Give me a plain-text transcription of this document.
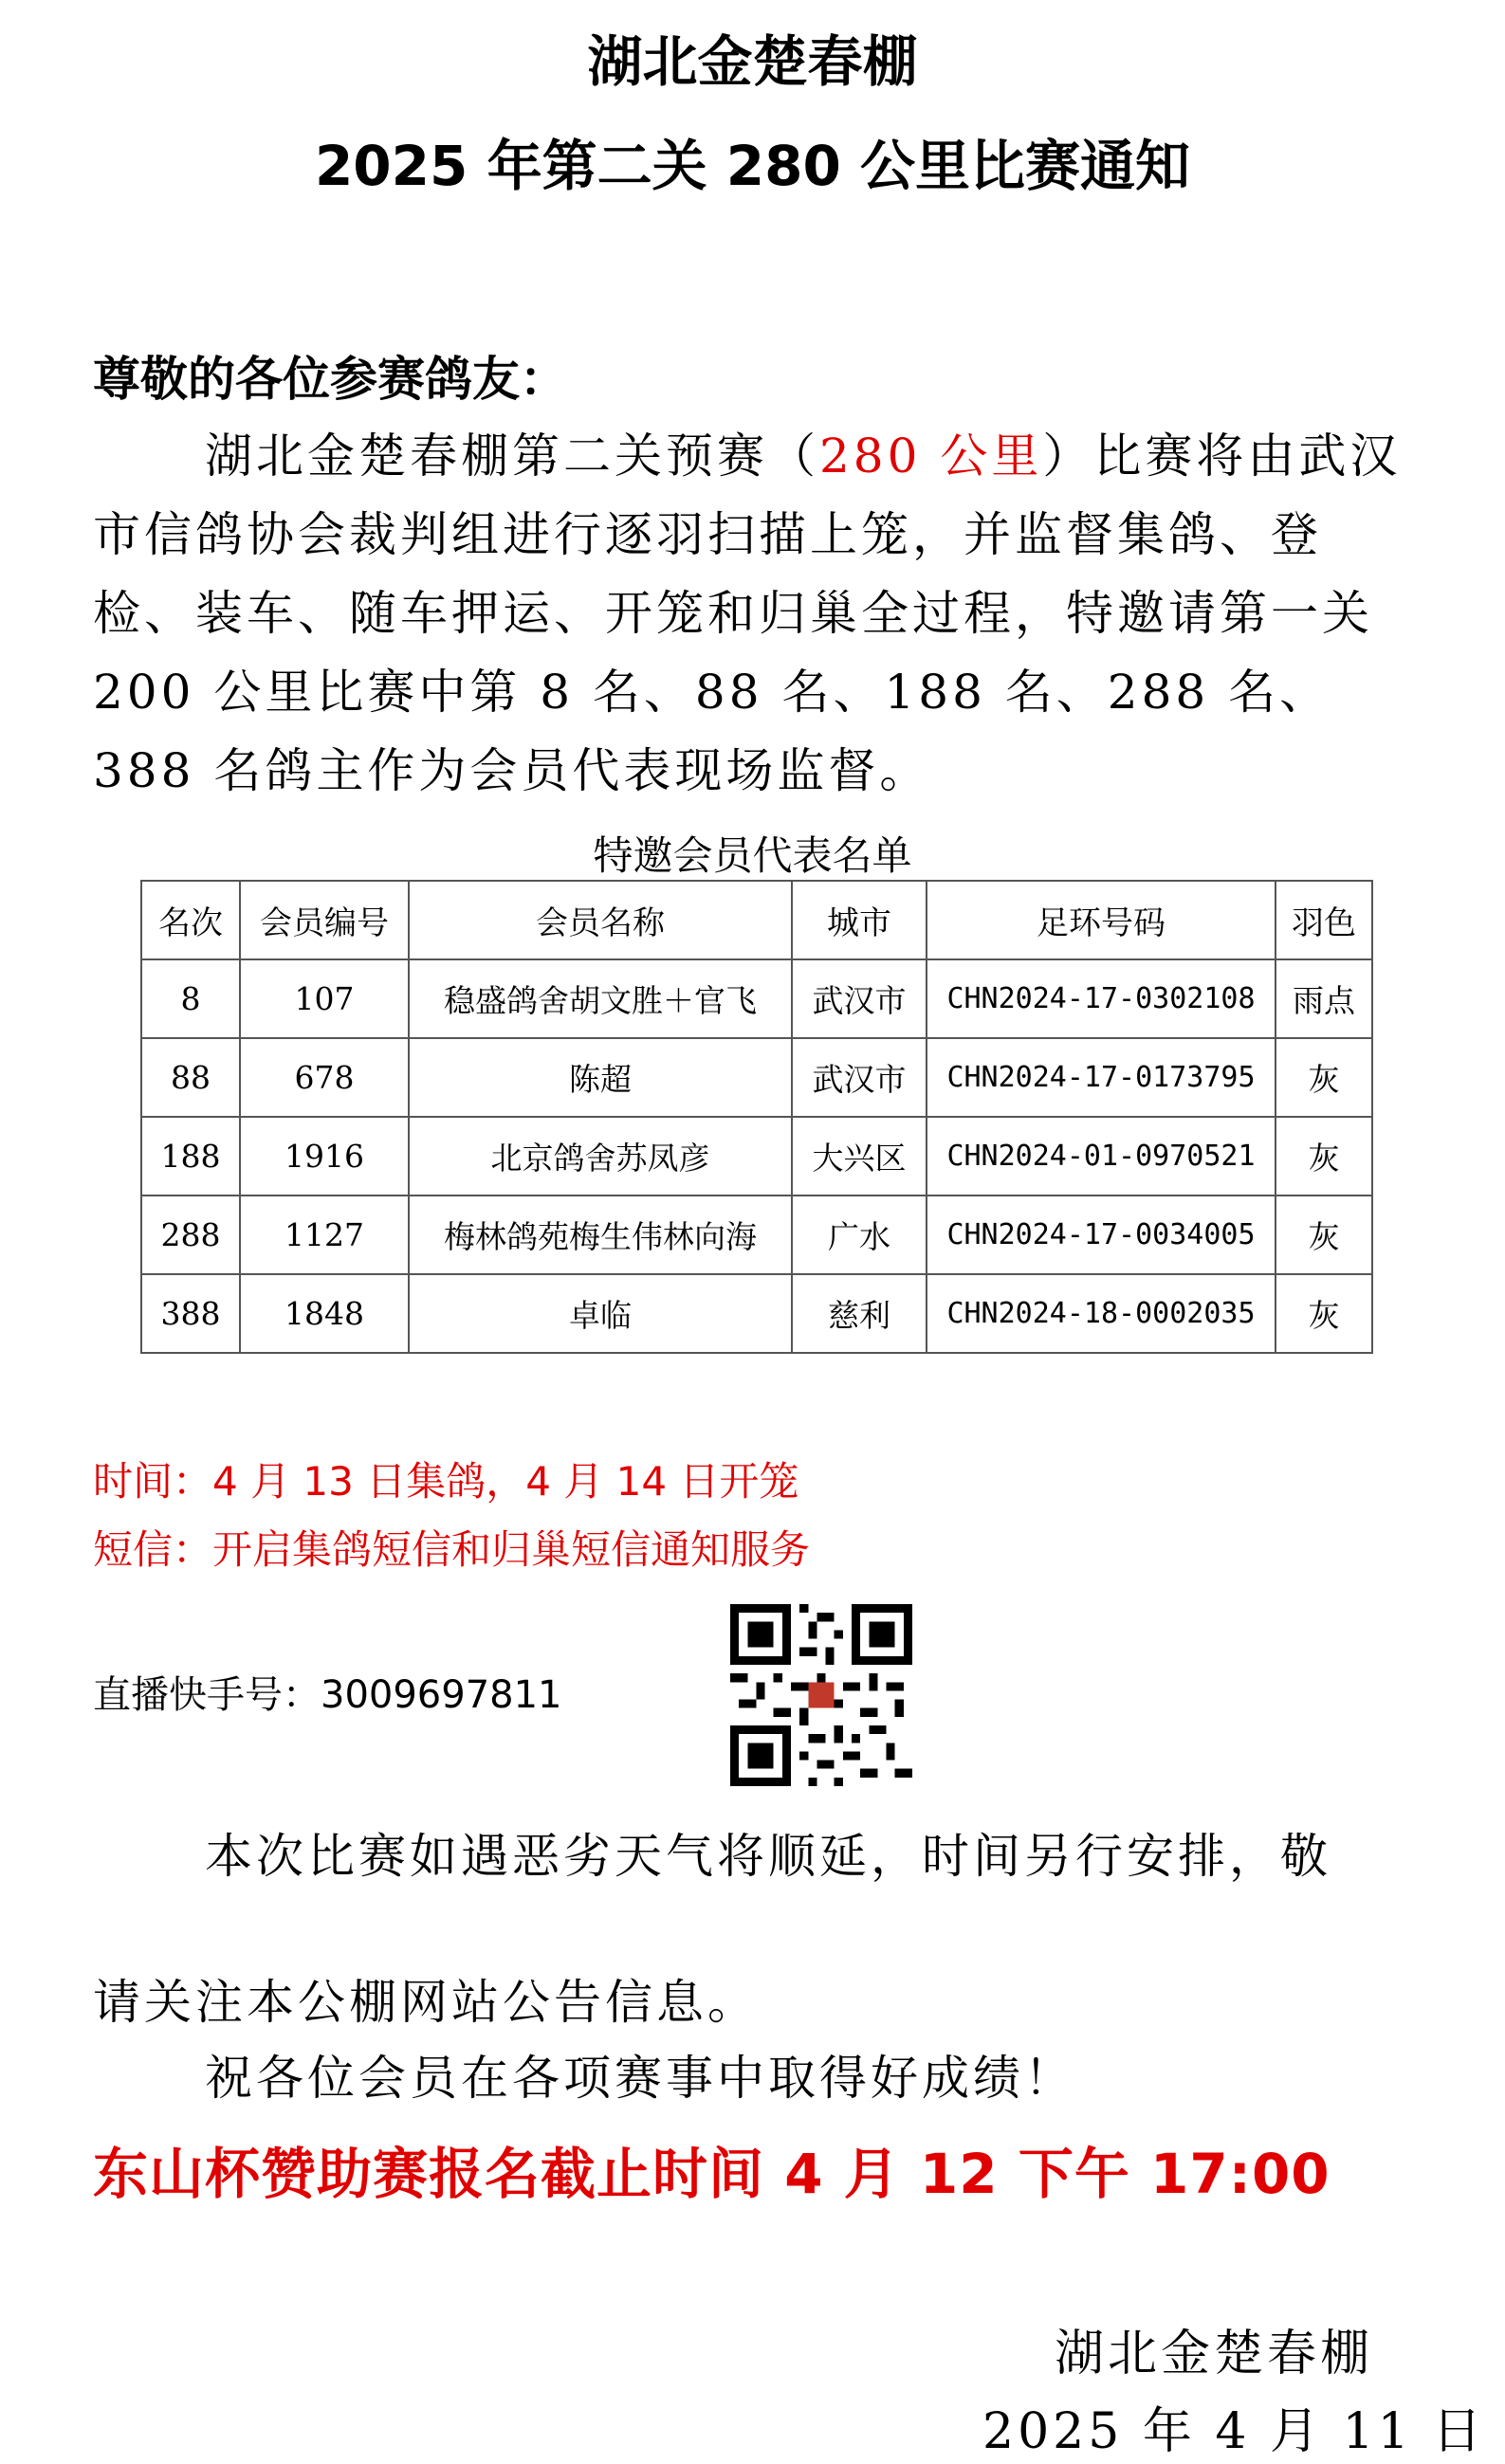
湖北金楚春棚
2025 年第二关 280 公里比赛通知
尊敬的各位参赛鸽友：
湖北金楚春棚第二关预赛（280 公里）比赛将由武汉市信鸽协会裁判组进行逐羽扫描上笼，并监督集鸽、登检、装车、随车押运、开笼和归巢全过程，特邀请第一关 200 公里比赛中第 8 名、88 名、188 名、288 名、388 名鸽主作为会员代表现场监督。
特邀会员代表名单
名次	会员编号	会员名称	城市	足环号码	羽色
8	107	稳盛鸽舍胡文胜＋官飞	武汉市	CHN2024-17-0302108	雨点
88	678	陈超	武汉市	CHN2024-17-0173795	灰
188	1916	北京鸽舍苏凤彦	大兴区	CHN2024-01-0970521	灰
288	1127	梅林鸽苑梅生伟林向海	广水	CHN2024-17-0034005	灰
388	1848	卓临	慈利	CHN2024-18-0002035	灰
时间：4 月 13 日集鸽，4 月 14 日开笼
短信：开启集鸽短信和归巢短信通知服务
直播快手号：3009697811
本次比赛如遇恶劣天气将顺延，时间另行安排，敬
请关注本公棚网站公告信息。
祝各位会员在各项赛事中取得好成绩！
东山杯赞助赛报名截止时间 4 月 12 下午 17:00
湖北金楚春棚
2025 年 4 月 11 日
